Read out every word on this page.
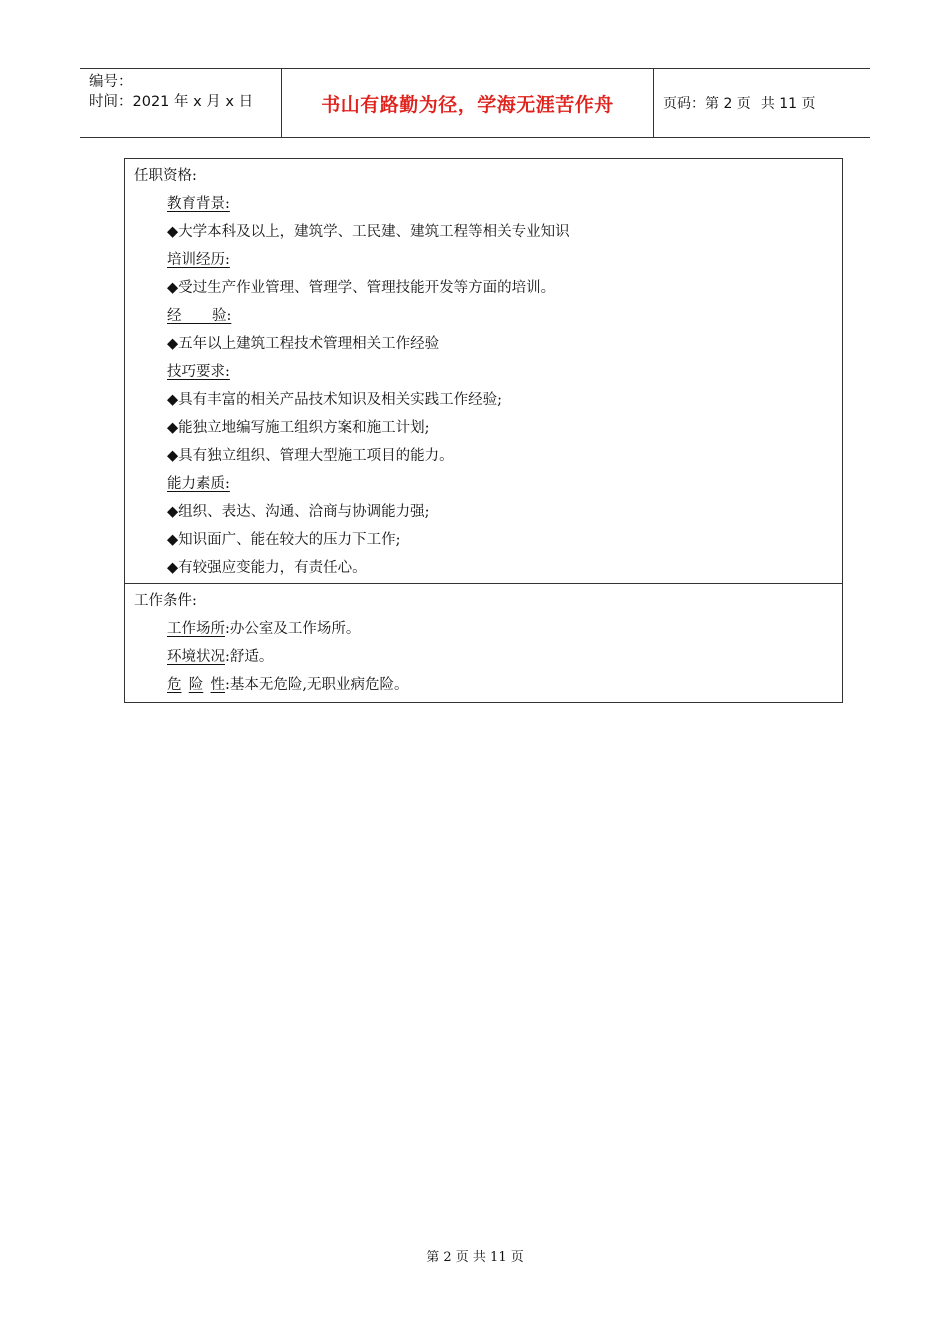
编号：
时间：2021 年 x 月 x 日	书山有路勤为径，学海无涯苦作舟	页码：第 2 页 共 11 页
任职资格:
教育背景:
◆大学本科及以上，建筑学、工民建、建筑工程等相关专业知识
培训经历:
◆受过生产作业管理、管理学、管理技能开发等方面的培训。
经验:
◆五年以上建筑工程技术管理相关工作经验
技巧要求:
◆具有丰富的相关产品技术知识及相关实践工作经验;
◆能独立地编写施工组织方案和施工计划;
◆具有独立组织、管理大型施工项目的能力。
能力素质:
◆组织、表达、沟通、洽商与协调能力强;
◆知识面广、能在较大的压力下工作;
◆有较强应变能力，有责任心。
工作条件:
工作场所:办公室及工作场所。
环境状况:舒适。
危 险 性:基本无危险,无职业病危险。
第 2 页 共 11 页
